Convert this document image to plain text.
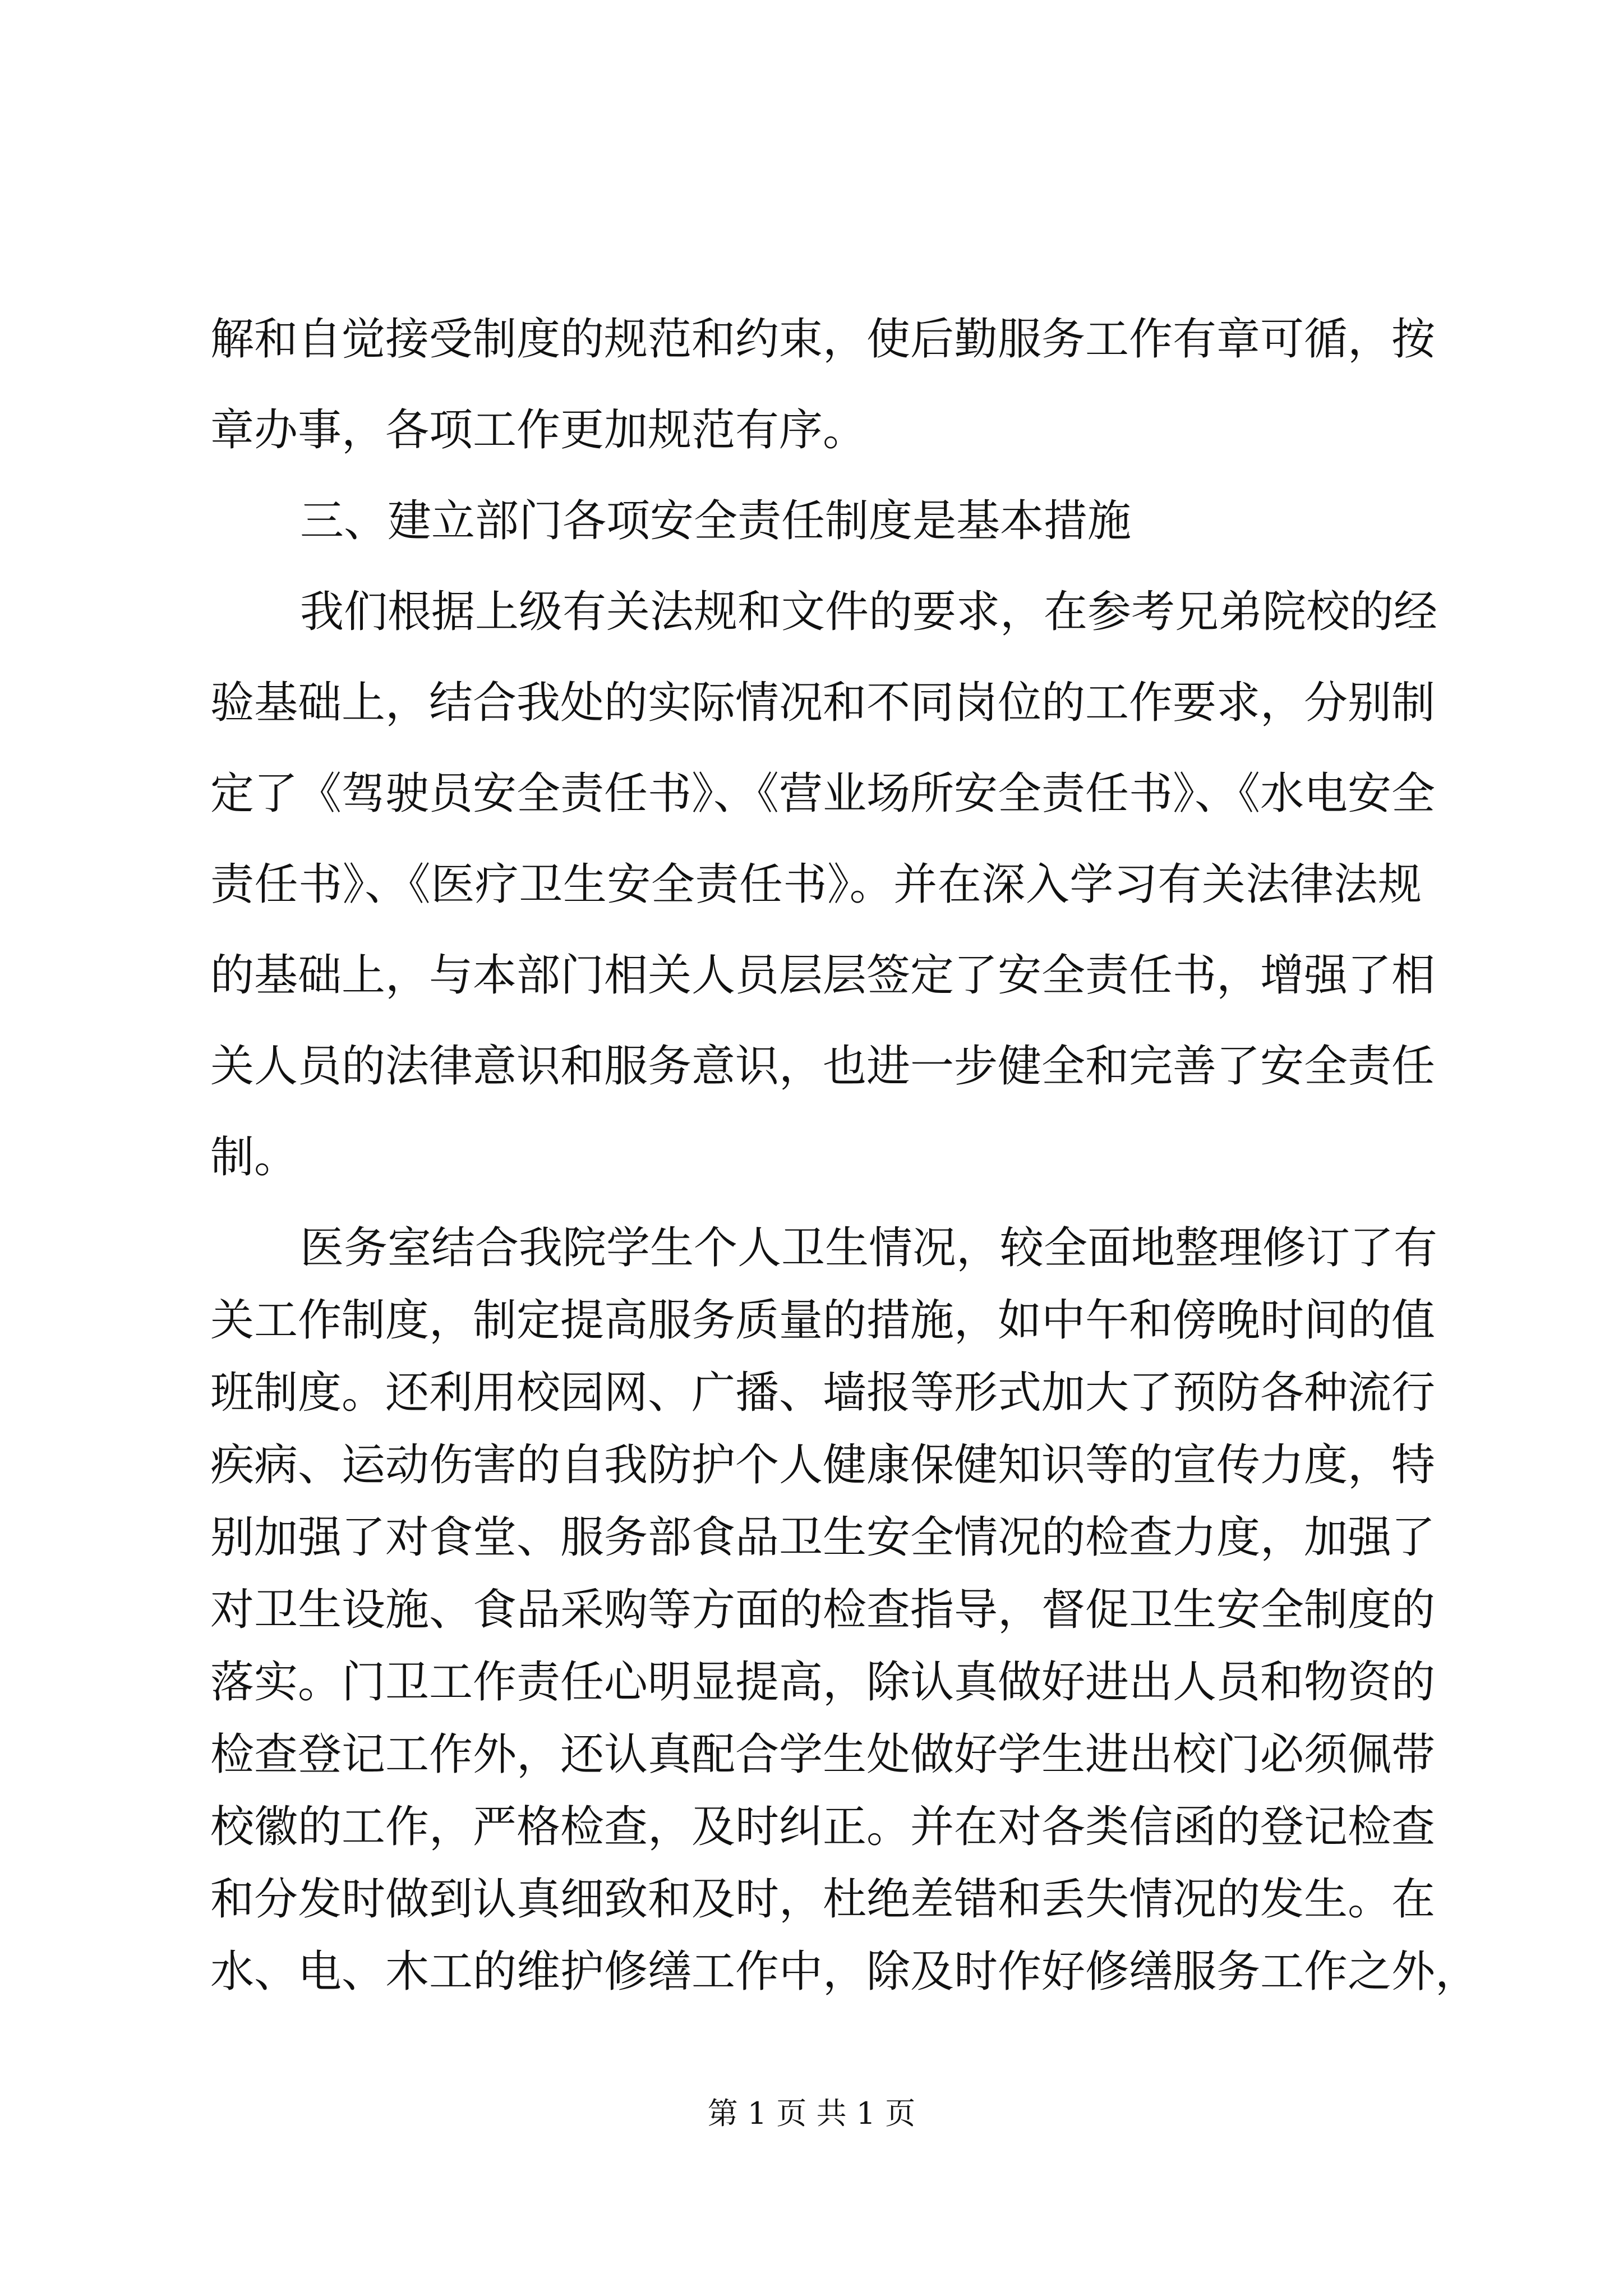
解和自觉接受制度的规范和约束，使后勤服务工作有章可循，按
章办事，各项工作更加规范有序。
三、建立部门各项安全责任制度是基本措施
我们根据上级有关法规和文件的要求，在参考兄弟院校的经
验基础上，结合我处的实际情况和不同岗位的工作要求，分别制
定了《驾驶员安全责任书》、《营业场所安全责任书》、《水电安全
责任书》、《医疗卫生安全责任书》。并在深入学习有关法律法规
的基础上，与本部门相关人员层层签定了安全责任书，增强了相
关人员的法律意识和服务意识，也进一步健全和完善了安全责任
制。
医务室结合我院学生个人卫生情况，较全面地整理修订了有
关工作制度，制定提高服务质量的措施，如中午和傍晚时间的值
班制度。还利用校园网、广播、墙报等形式加大了预防各种流行
疾病、运动伤害的自我防护个人健康保健知识等的宣传力度，特
别加强了对食堂、服务部食品卫生安全情况的检查力度，加强了
对卫生设施、食品采购等方面的检查指导，督促卫生安全制度的
落实。门卫工作责任心明显提高，除认真做好进出人员和物资的
检查登记工作外，还认真配合学生处做好学生进出校门必须佩带
校徽的工作，严格检查，及时纠正。并在对各类信函的登记检查
和分发时做到认真细致和及时，杜绝差错和丢失情况的发生。在
第 1 页 共 1 页
水、电、木工的维护修缮工作中，除及时作好修缮服务工作之外，
